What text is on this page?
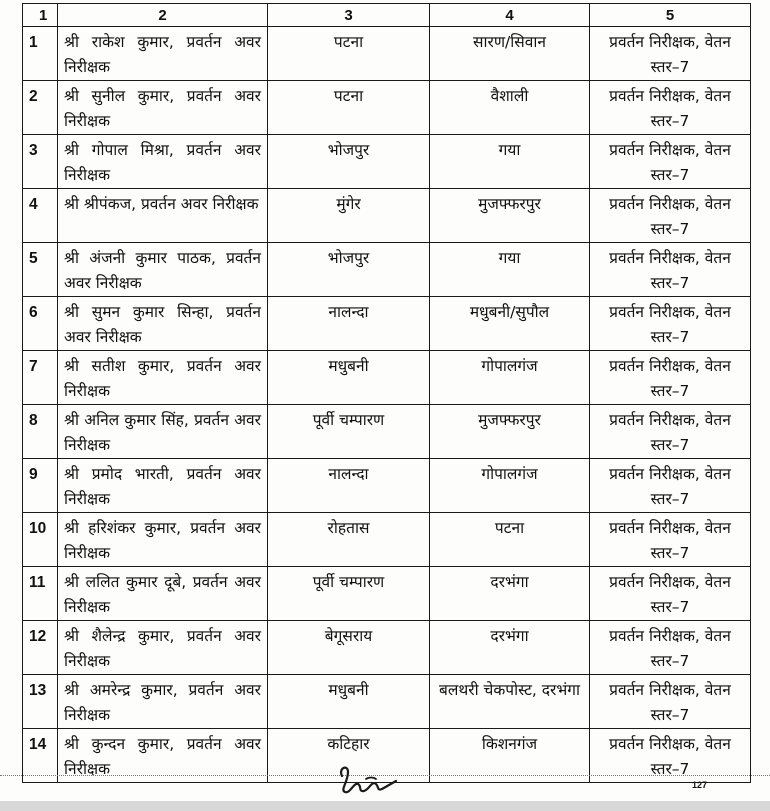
1	2	3	4	5
1	श्री राकेश कुमार, प्रवर्तन अवर निरीक्षक	पटना	सारण/सिवान	प्रवर्तन निरीक्षक, वेतन स्तर–7
2	श्री सुनील कुमार, प्रवर्तन अवर निरीक्षक	पटना	वैशाली	प्रवर्तन निरीक्षक, वेतन स्तर–7
3	श्री गोपाल मिश्रा, प्रवर्तन अवर निरीक्षक	भोजपुर	गया	प्रवर्तन निरीक्षक, वेतन स्तर–7
4	श्री श्रीपंकज, प्रवर्तन अवर निरीक्षक	मुंगेर	मुजफ्फरपुर	प्रवर्तन निरीक्षक, वेतन स्तर–7
5	श्री अंजनी कुमार पाठक, प्रवर्तन अवर निरीक्षक	भोजपुर	गया	प्रवर्तन निरीक्षक, वेतन स्तर–7
6	श्री सुमन कुमार सिन्हा, प्रवर्तन अवर निरीक्षक	नालन्दा	मधुबनी/सुपौल	प्रवर्तन निरीक्षक, वेतन स्तर–7
7	श्री सतीश कुमार, प्रवर्तन अवर निरीक्षक	मधुबनी	गोपालगंज	प्रवर्तन निरीक्षक, वेतन स्तर–7
8	श्री अनिल कुमार सिंह, प्रवर्तन अवर निरीक्षक	पूर्वी चम्पारण	मुजफ्फरपुर	प्रवर्तन निरीक्षक, वेतन स्तर–7
9	श्री प्रमोद भारती, प्रवर्तन अवर निरीक्षक	नालन्दा	गोपालगंज	प्रवर्तन निरीक्षक, वेतन स्तर–7
10	श्री हरिशंकर कुमार, प्रवर्तन अवर निरीक्षक	रोहतास	पटना	प्रवर्तन निरीक्षक, वेतन स्तर–7
11	श्री ललित कुमार दूबे, प्रवर्तन अवर निरीक्षक	पूर्वी चम्पारण	दरभंगा	प्रवर्तन निरीक्षक, वेतन स्तर–7
12	श्री शैलेन्द्र कुमार, प्रवर्तन अवर निरीक्षक	बेगूसराय	दरभंगा	प्रवर्तन निरीक्षक, वेतन स्तर–7
13	श्री अमरेन्द्र कुमार, प्रवर्तन अवर निरीक्षक	मधुबनी	बलथरी चेकपोस्ट, दरभंगा	प्रवर्तन निरीक्षक, वेतन स्तर–7
14	श्री कुन्दन कुमार, प्रवर्तन अवर निरीक्षक	कटिहार	किशनगंज	प्रवर्तन निरीक्षक, वेतन स्तर–7
127
